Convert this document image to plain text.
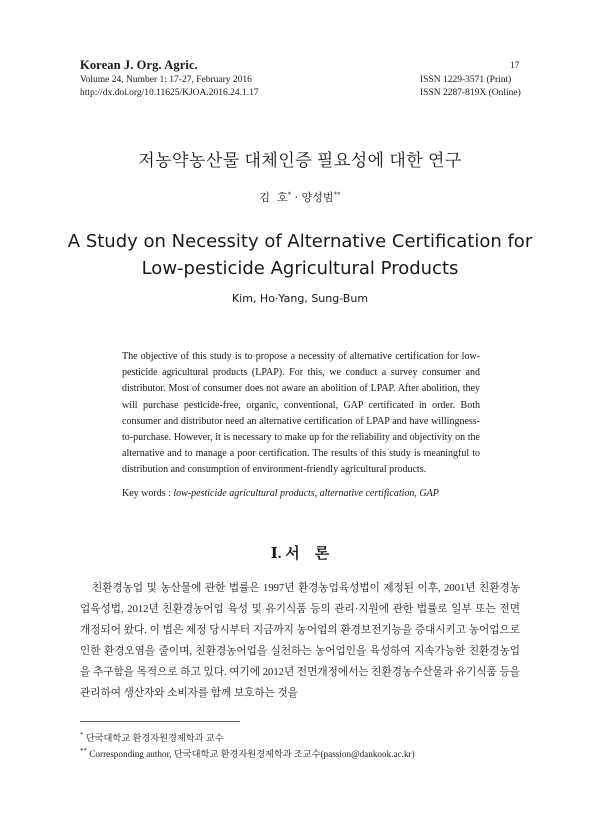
Korean J. Org. Agric.
Volume 24, Number 1: 17-27, February 2016
http://dx.doi.org/10.11625/KJOA.2016.24.1.17
17
ISSN 1229-3571 (Print)
ISSN 2287-819X (Online)
저농약농산물 대체인증 필요성에 대한 연구
김  호* · 양성범**
A Study on Necessity of Alternative Certification for
Low-pesticide Agricultural Products
Kim, Ho·Yang, Sung-Bum
The objective of this study is to propose a necessity of alternative certification for low-pesticide agricultural products (LPAP). For this, we conduct a survey consumer and distributor. Most of consumer does not aware an abolition of LPAP. After abolition, they will purchase pesticide-free, organic, conventional, GAP certificated in order. Both consumer and distributor need an alternative certification of LPAP and have willingness-to-purchase. However, it is necessary to make up for the reliability and objectivity on the alternative and to manage a poor certification. The results of this study is meaningful to distribution and consumption of environment-friendly agricultural products.
Key words : low-pesticide agricultural products, alternative certification, GAP
Ⅰ. 서    론
친환경농업 및 농산물에 관한 법률은 1997년 환경농업육성법이 제정된 이후, 2001년 친환경농업육성법, 2012년 친환경농어업 육성 및 유기식품 등의 관리·지원에 관한 법률로 일부 또는 전면 개정되어 왔다. 이 법은 제정 당시부터 지금까지 농어업의 환경보전기능을 증대시키고 농어업으로 인한 환경오염을 줄이며, 친환경농어업을 실천하는 농어업인을 육성하여 지속가능한 친환경농업을 추구함을 목적으로 하고 있다. 여기에 2012년 전면개정에서는 친환경농수산물과 유기식품 등을 관리하여 생산자와 소비자를 함께 보호하는 것을
* 단국대학교 환경자원경제학과 교수
** Corresponding author, 단국대학교 환경자원경제학과 조교수(passion@dankook.ac.kr)
